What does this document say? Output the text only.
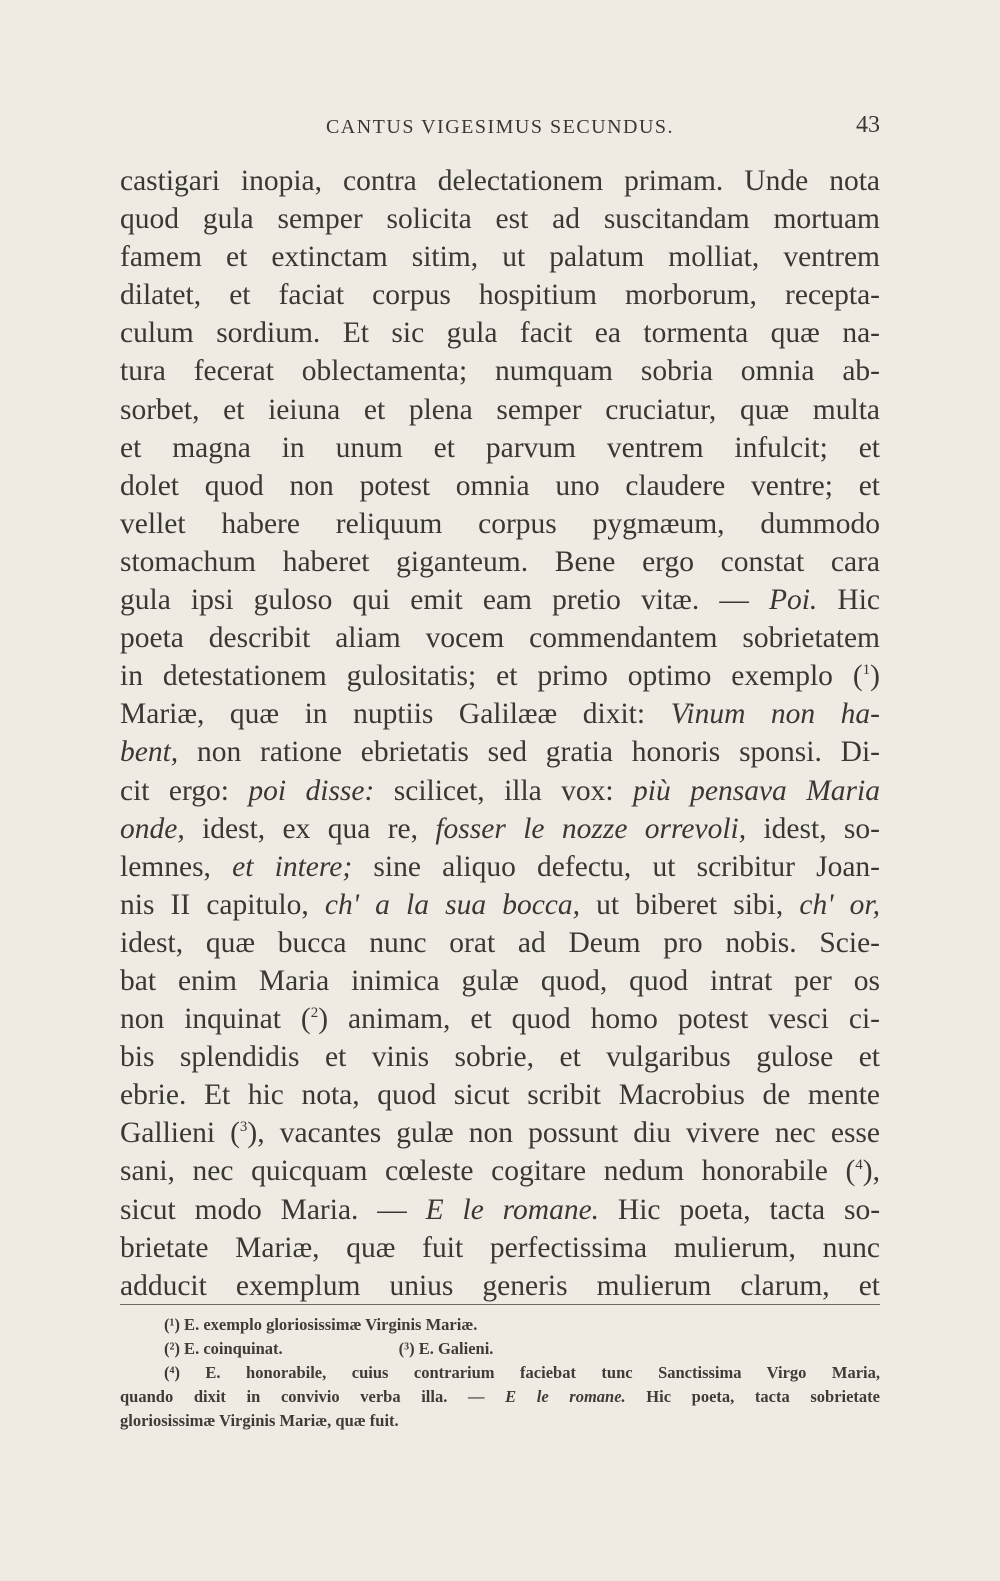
CANTUS VIGESIMUS SECUNDUS.	43
castigari inopia, contra delectationem primam. Unde nota
quod gula semper solicita est ad suscitandam mortuam
famem et extinctam sitim, ut palatum molliat, ventrem
dilatet, et faciat corpus hospitium morborum, recepta-
culum sordium. Et sic gula facit ea tormenta quæ na-
tura fecerat oblectamenta; numquam sobria omnia ab-
sorbet, et ieiuna et plena semper cruciatur, quæ multa
et magna in unum et parvum ventrem infulcit; et
dolet quod non potest omnia uno claudere ventre; et
vellet habere reliquum corpus pygmæum, dummodo
stomachum haberet giganteum. Bene ergo constat cara
gula ipsi guloso qui emit eam pretio vitæ. — Poi. Hic
poeta describit aliam vocem commendantem sobrietatem
in detestationem gulositatis; et primo optimo exemplo ($^1$)
Mariæ, quæ in nuptiis Galilææ dixit: Vinum non ha-
bent, non ratione ebrietatis sed gratia honoris sponsi. Di-
cit ergo: poi disse: scilicet, illa vox: più pensava Maria
onde, idest, ex qua re, fosser le nozze orrevoli, idest, so-
lemnes, et intere; sine aliquo defectu, ut scribitur Joan-
nis II capitulo, ch' a la sua bocca, ut biberet sibi, ch' or,
idest, quæ bucca nunc orat ad Deum pro nobis. Scie-
bat enim Maria inimica gulæ quod, quod intrat per os
non inquinat ($^2$) animam, et quod homo potest vesci ci-
bis splendidis et vinis sobrie, et vulgaribus gulose et
ebrie. Et hic nota, quod sicut scribit Macrobius de mente
Gallieni ($^3$), vacantes gulæ non possunt diu vivere nec esse
sani, nec quicquam cœleste cogitare nedum honorabile ($^4$),
sicut modo Maria. — E le romane. Hic poeta, tacta so-
brietate Mariæ, quæ fuit perfectissima mulierum, nunc
adducit exemplum unius generis mulierum clarum, et
(¹) E. exemplo gloriosissimæ Virginis Mariæ.
(²) E. coinquinat.	(³) E. Galieni.
(⁴) E. honorabile, cuius contrarium faciebat tunc Sanctissima Virgo Maria,
quando dixit in convivio verba illa. — E le romane. Hic poeta, tacta sobrietate
gloriosissimæ Virginis Mariæ, quæ fuit.
